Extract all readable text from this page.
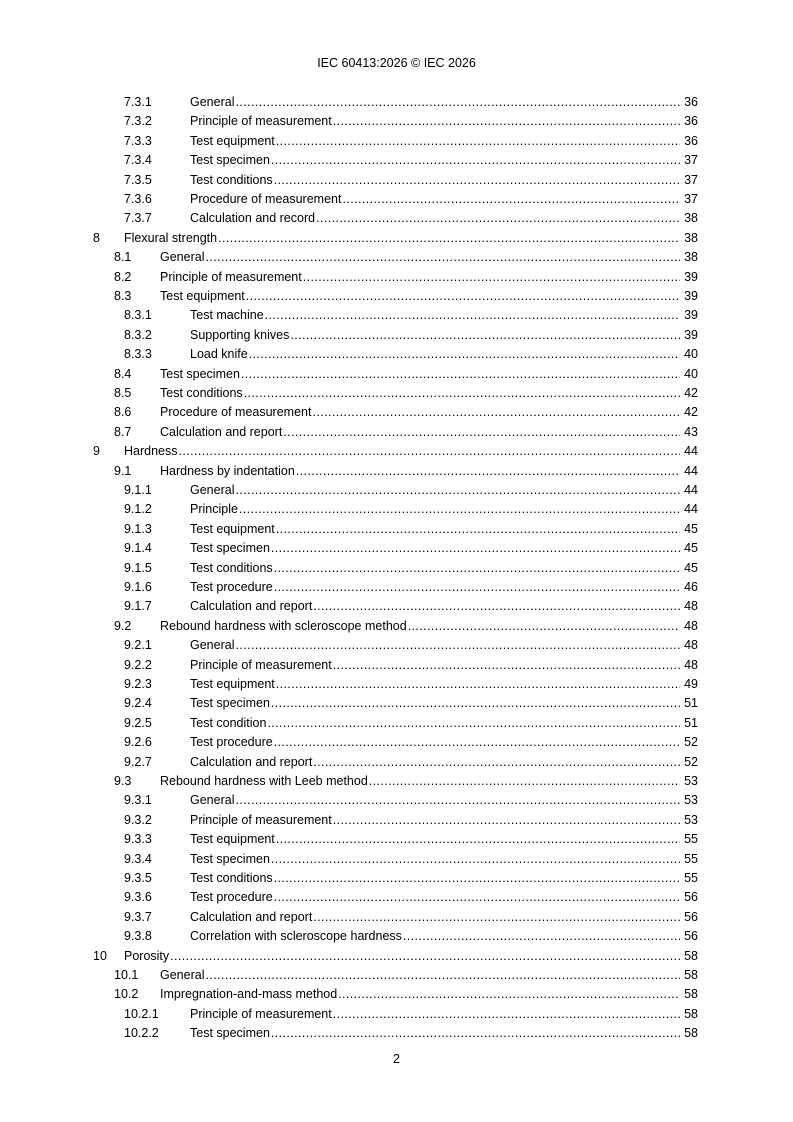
IEC 60413:2026 © IEC 2026
7.3.1	General .....	36
7.3.2	Principle of measurement .....	36
7.3.3	Test equipment .....	36
7.3.4	Test specimen .....	37
7.3.5	Test conditions .....	37
7.3.6	Procedure of measurement .....	37
7.3.7	Calculation and record .....	38
8 Flexural strength .....	38
8.1 General .....	38
8.2 Principle of measurement .....	39
8.3 Test equipment .....	39
8.3.1	Test machine .....	39
8.3.2	Supporting knives .....	39
8.3.3	Load knife .....	40
8.4 Test specimen .....	40
8.5 Test conditions .....	42
8.6 Procedure of measurement .....	42
8.7 Calculation and report .....	43
9 Hardness .....	44
9.1 Hardness by indentation .....	44
9.1.1	General .....	44
9.1.2	Principle .....	44
9.1.3	Test equipment .....	45
9.1.4	Test specimen .....	45
9.1.5	Test conditions .....	45
9.1.6	Test procedure .....	46
9.1.7	Calculation and report .....	48
9.2 Rebound hardness with scleroscope method .....	48
9.2.1	General .....	48
9.2.2	Principle of measurement .....	48
9.2.3	Test equipment .....	49
9.2.4	Test specimen .....	51
9.2.5	Test condition .....	51
9.2.6	Test procedure .....	52
9.2.7	Calculation and report .....	52
9.3 Rebound hardness with Leeb method .....	53
9.3.1	General .....	53
9.3.2	Principle of measurement .....	53
9.3.3	Test equipment .....	55
9.3.4	Test specimen .....	55
9.3.5	Test conditions .....	55
9.3.6	Test procedure .....	56
9.3.7	Calculation and report .....	56
9.3.8	Correlation with scleroscope hardness .....	56
10 Porosity .....	58
10.1 General .....	58
10.2 Impregnation-and-mass method .....	58
10.2.1 Principle of measurement .....	58
10.2.2 Test specimen .....	58
2
